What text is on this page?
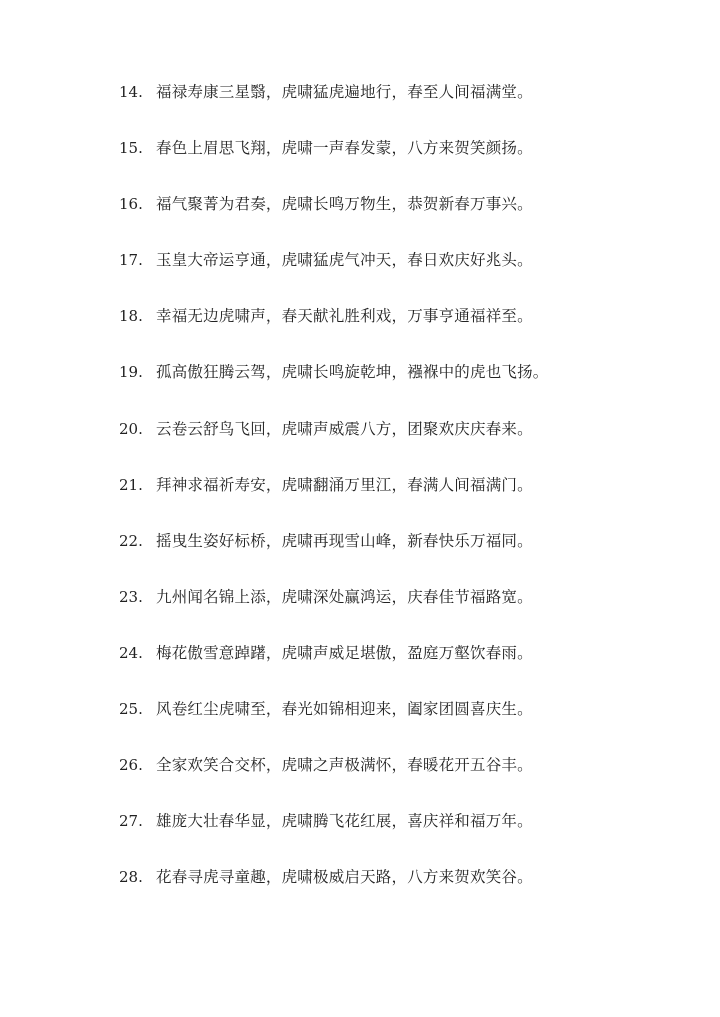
14. 福禄寿康三星翳，虎啸猛虎遍地行，春至人间福满堂。
15. 春色上眉思飞翔，虎啸一声春发蒙，八方来贺笑颜扬。
16. 福气聚菁为君奏，虎啸长鸣万物生，恭贺新春万事兴。
17. 玉皇大帝运亨通，虎啸猛虎气冲天，春日欢庆好兆头。
18. 幸福无边虎啸声，春天献礼胜利戏，万事亨通福祥至。
19. 孤高傲狂腾云驾，虎啸长鸣旋乾坤，襁褓中的虎也飞扬。
20. 云卷云舒鸟飞回，虎啸声威震八方，团聚欢庆庆春来。
21. 拜神求福祈寿安，虎啸翻涌万里江，春满人间福满门。
22. 摇曳生姿好标桥，虎啸再现雪山峰，新春快乐万福同。
23. 九州闻名锦上添，虎啸深处赢鸿运，庆春佳节福路宽。
24. 梅花傲雪意踔躇，虎啸声威足堪傲，盈庭万壑饮春雨。
25. 风卷红尘虎啸至，春光如锦相迎来，阖家团圆喜庆生。
26. 全家欢笑合交杯，虎啸之声极满怀，春暖花开五谷丰。
27. 雄庞大壮春华显，虎啸腾飞花红展，喜庆祥和福万年。
28. 花春寻虎寻童趣，虎啸极威启天路，八方来贺欢笑谷。
